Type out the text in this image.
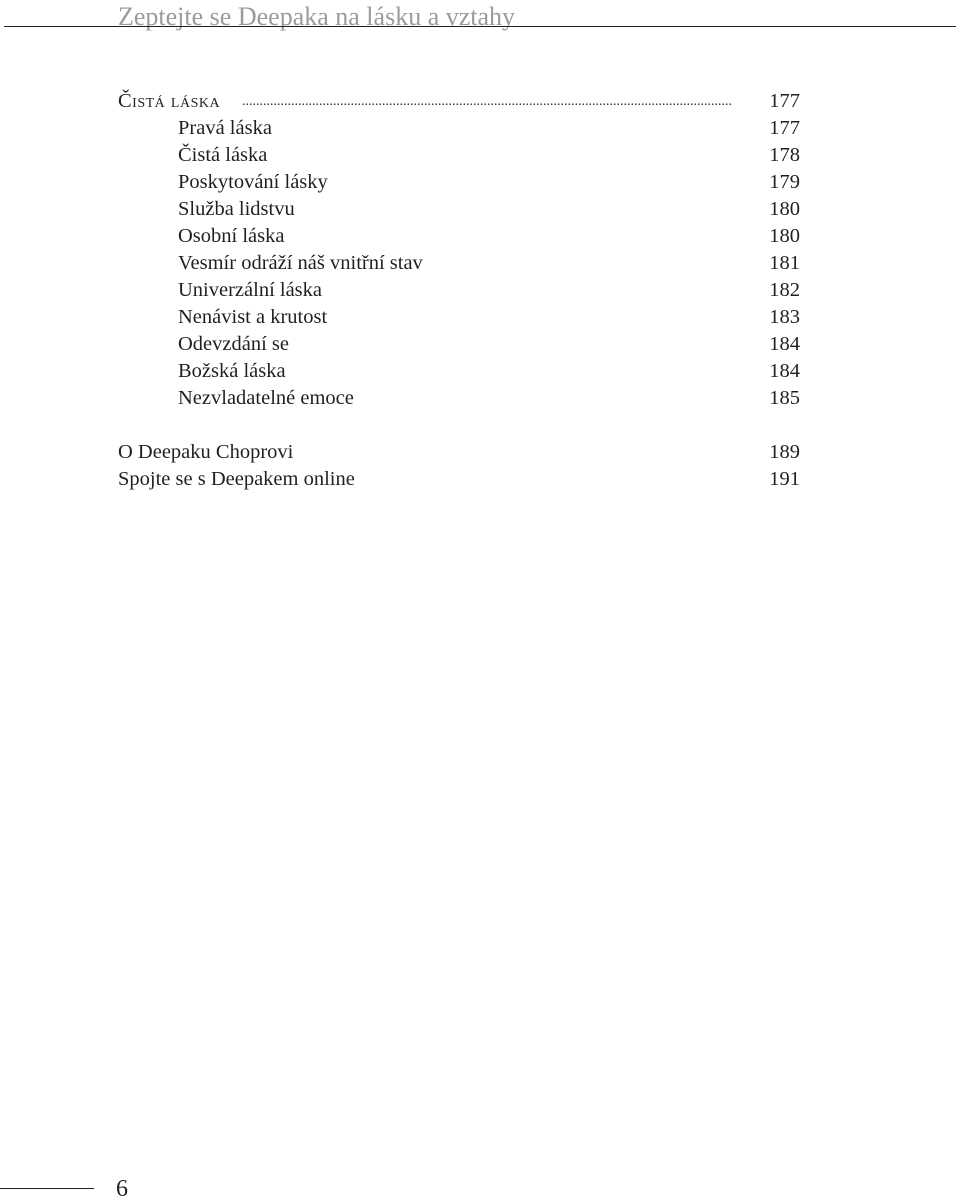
Zeptejte se Deepaka na lásku a vztahy
............................................................................................................................................
Čistá láska	177
Pravá láska	177
Čistá láska	178
Poskytování lásky	179
Služba lidstvu	180
Osobní láska	180
Vesmír odráží náš vnitřní stav	181
Univerzální láska	182
Nenávist a krutost	183
Odevzdání se	184
Božská láska	184
Nezvladatelné emoce	185
O Deepaku Choprovi	189
Spojte se s Deepakem online	191
6
